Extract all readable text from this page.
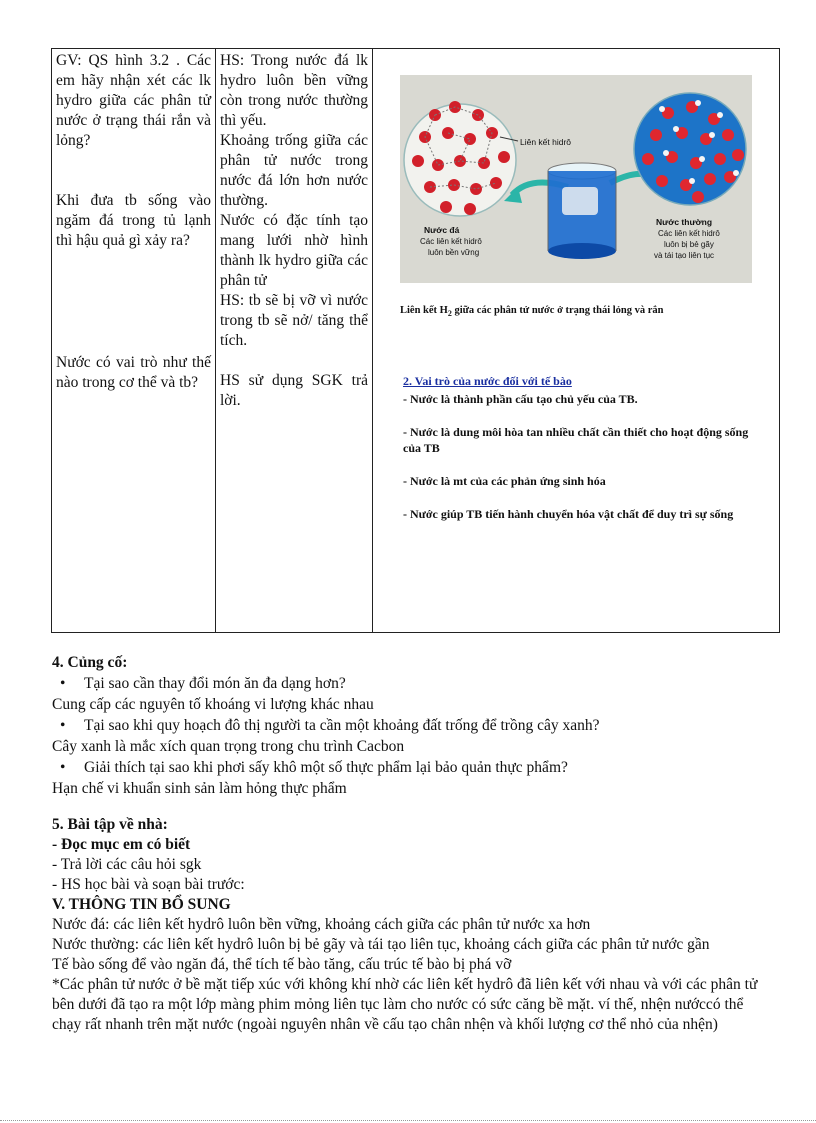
GV: QS hình 3.2 . Các em hãy nhận xét các lk hydro giữa các phân tử nước ở trạng thái rắn và lỏng?
Khi đưa tb sống vào ngăm đá trong tủ lạnh thì hậu quả gì xảy ra?
Nước có vai trò như thế nào trong cơ thể và tb?

HS: Trong nước đá lk hydro luôn bền vững còn trong nước thường thì yếu.
Khoảng trống giữa các phân tử nước trong nước đá lớn hơn nước thường.
Nước có đặc tính tạo mang lưới nhờ hình thành lk hydro giữa các phân tử
HS: tb sẽ bị vỡ vì nước trong tb sẽ nở/ tăng thể tích.
HS sử dụng SGK trả lời.

Liên kết hidrô
Nước đá
Các liên kết hidrô
luôn bền vững
Nước thường
Các liên kết hidrô
luôn bị bẻ gãy
và tái tạo liên tục
Liên kết $H_2$ giữa các phân tử nước ở trạng thái lỏng và rắn

2. Vai trò của nước đối với tế bào

- Nước là thành phần cấu tạo chủ yếu của TB.

- Nước là dung môi hòa tan nhiều chất cần thiết cho hoạt động sống của TB

- Nước là mt của các phản ứng sinh hóa

- Nước giúp TB tiến hành chuyển hóa vật chất để duy trì sự sống

4. Củng cố:
• Tại sao cần thay đổi món ăn đa dạng hơn?
Cung cấp các nguyên tố khoáng vi lượng khác nhau
• Tại sao khi quy hoạch đô thị người ta cần một khoảng đất trống để trồng cây xanh?
Cây xanh là mắc xích quan trọng trong chu trình Cacbon
• Giải thích tại sao khi phơi sấy khô một số thực phẩm lại bảo quản thực phẩm?
Hạn chế vi khuẩn sinh sản làm hỏng thực phẩm
5. Bài tập về nhà:
- Đọc mục em có biết
- Trả lời các câu hỏi sgk
- HS học bài và soạn bài trước:
V. THÔNG TIN BỔ SUNG
Nước đá: các liên kết hydrô luôn bền vững, khoảng cách giữa các phân tử nước xa hơn
Nước thường: các liên kết hydrô luôn bị bẻ gãy và tái tạo liên tục, khoảng cách giữa các phân tử nước gần
Tế bào sống để vào ngăn đá, thể tích tế bào tăng, cấu trúc tế bào bị phá vỡ
*Các phân tử nước ở bề mặt tiếp xúc với không khí nhờ các liên kết hydrô đã liên kết với nhau và với các phân tử bên dưới đã tạo ra một lớp màng phim mỏng liên tục làm cho nước có sức căng bề mặt. ví thế, nhện nướccó thể chạy rất nhanh trên mặt nước (ngoài nguyên nhân về cấu tạo chân nhện và khối lượng cơ thể nhỏ của nhện)
